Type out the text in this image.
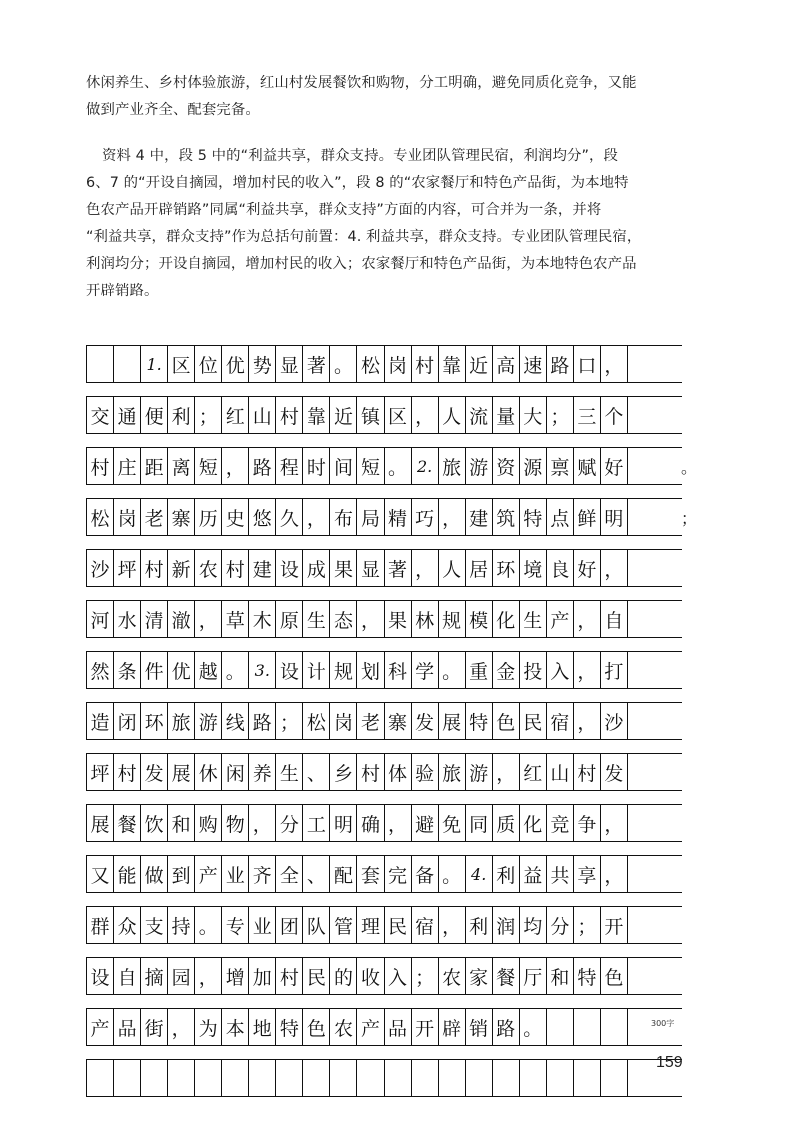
休闲养生、乡村体验旅游，红山村发展餐饮和购物，分工明确，避免同质化竞争，又能
做到产业齐全、配套完备。
资料 4 中，段 5 中的“利益共享，群众支持。专业团队管理民宿，利润均分”，段
6、7 的“开设自摘园，增加村民的收入”，段 8 的“农家餐厅和特色产品街，为本地特
色农产品开辟销路”同属“利益共享，群众支持”方面的内容，可合并为一条，并将
“利益共享，群众支持”作为总括句前置：4. 利益共享，群众支持。专业团队管理民宿，
利润均分；开设自摘园，增加村民的收入；农家餐厅和特色产品街，为本地特色农产品
开辟销路。
1. 区 位 优 势 显 著 。 松 岗 村 靠 近 高 速 路 口 ，
交 通 便 利 ； 红 山 村 靠 近 镇 区 ， 人 流 量 大 ； 三 个
村 庄 距 离 短 ， 路 程 时 间 短 。 2. 旅 游 资 源 禀 赋 好	。
松 岗 老 寨 历 史 悠 久 ， 布 局 精 巧 ， 建 筑 特 点 鲜 明	；
沙 坪 村 新 农 村 建 设 成 果 显 著 ， 人 居 环 境 良 好 ，
河 水 清 澈 ， 草 木 原 生 态 ， 果 林 规 模 化 生 产 ， 自
然 条 件 优 越 。 3. 设 计 规 划 科 学 。 重 金 投 入 ， 打
造 闭 环 旅 游 线 路 ； 松 岗 老 寨 发 展 特 色 民 宿 ， 沙
坪 村 发 展 休 闲 养 生 、 乡 村 体 验 旅 游 ， 红 山 村 发
展 餐 饮 和 购 物 ， 分 工 明 确 ， 避 免 同 质 化 竞 争 ，
又 能 做 到 产 业 齐 全 、 配 套 完 备 。 4. 利 益 共 享 ，
群 众 支 持 。 专 业 团 队 管 理 民 宿 ， 利 润 均 分 ； 开
设 自 摘 园 ， 增 加 村 民 的 收 入 ； 农 家 餐 厅 和 特 色
产 品 街 ， 为 本 地 特 色 农 产 品 开 辟 销 路 。	300字
159
